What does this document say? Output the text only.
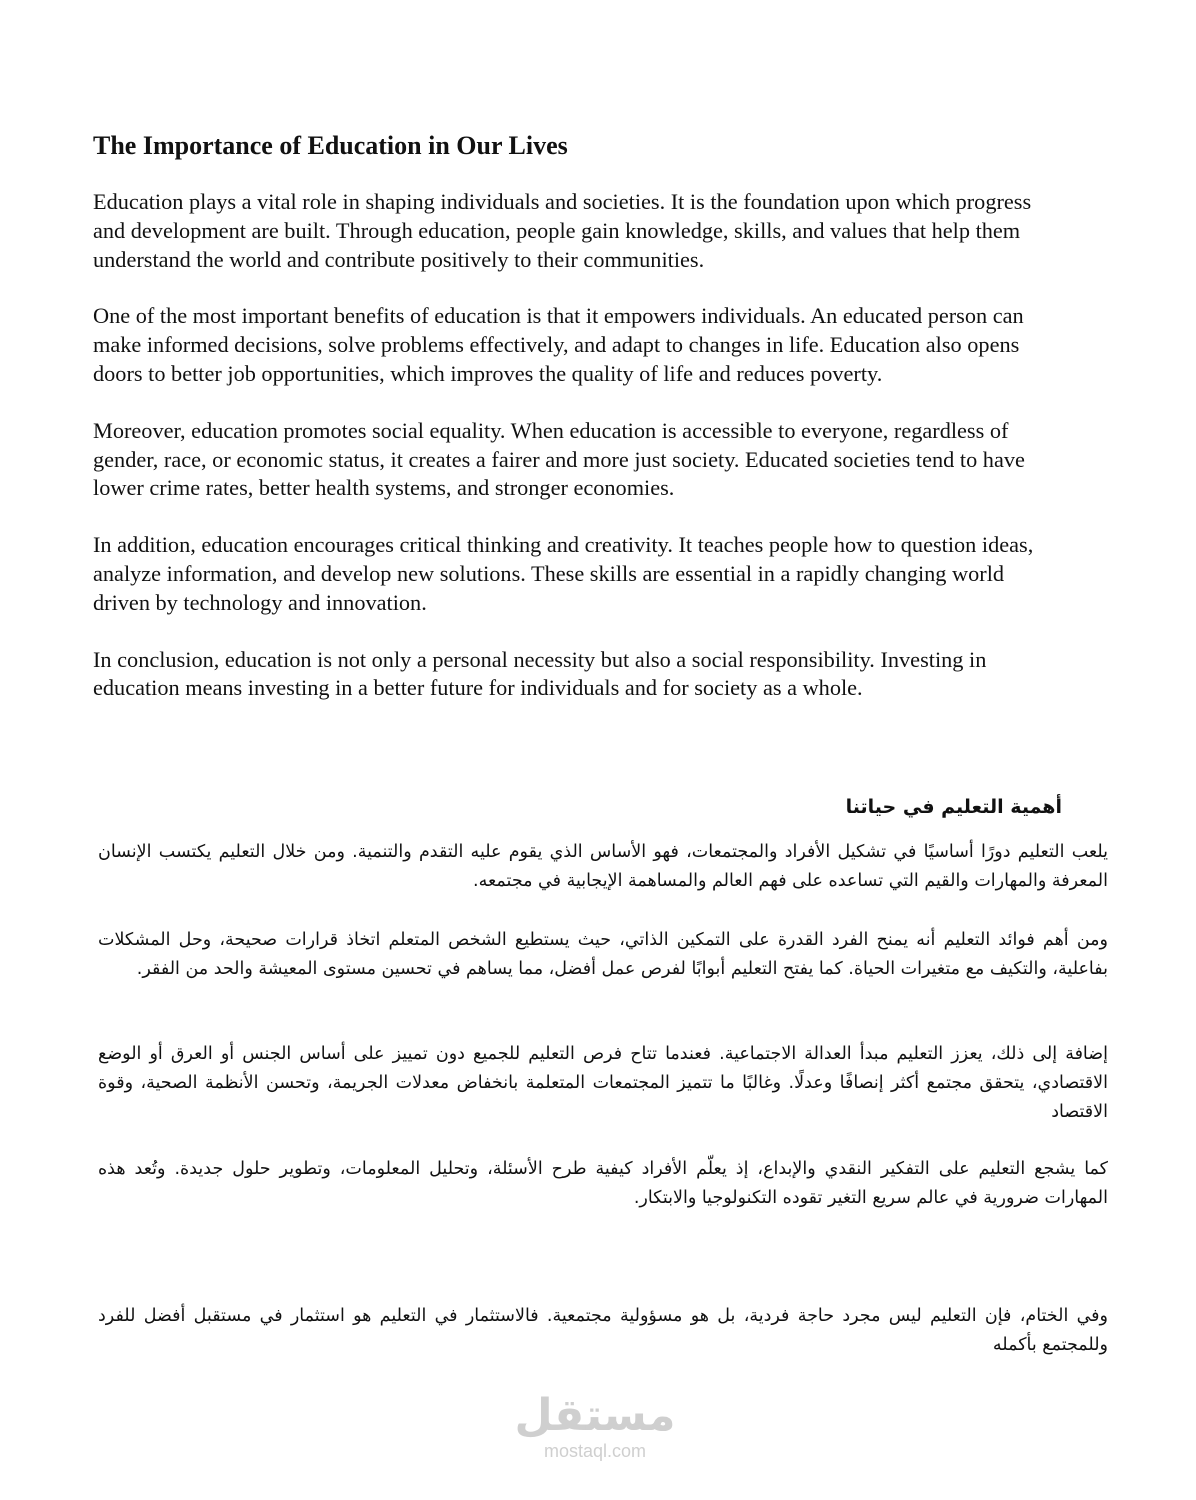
The Importance of Education in Our Lives

Education plays a vital role in shaping individuals and societies. It is the foundation upon which progress and development are built. Through education, people gain knowledge, skills, and values that help them understand the world and contribute positively to their communities.

One of the most important benefits of education is that it empowers individuals. An educated person can make informed decisions, solve problems effectively, and adapt to changes in life. Education also opens doors to better job opportunities, which improves the quality of life and reduces poverty.

Moreover, education promotes social equality. When education is accessible to everyone, regardless of gender, race, or economic status, it creates a fairer and more just society. Educated societies tend to have lower crime rates, better health systems, and stronger economies.

In addition, education encourages critical thinking and creativity. It teaches people how to question ideas, analyze information, and develop new solutions. These skills are essential in a rapidly changing world driven by technology and innovation.

In conclusion, education is not only a personal necessity but also a social responsibility. Investing in education means investing in a better future for individuals and for society as a whole.

أهمية التعليم في حياتنا

يلعب التعليم دورًا أساسيًا في تشكيل الأفراد والمجتمعات، فهو الأساس الذي يقوم عليه التقدم والتنمية. ومن خلال التعليم يكتسب الإنسان المعرفة والمهارات والقيم التي تساعده على فهم العالم والمساهمة الإيجابية في مجتمعه.

ومن أهم فوائد التعليم أنه يمنح الفرد القدرة على التمكين الذاتي، حيث يستطيع الشخص المتعلم اتخاذ قرارات صحيحة، وحل المشكلات بفاعلية، والتكيف مع متغيرات الحياة. كما يفتح التعليم أبوابًا لفرص عمل أفضل، مما يساهم في تحسين مستوى المعيشة والحد من الفقر.

إضافة إلى ذلك، يعزز التعليم مبدأ العدالة الاجتماعية. فعندما تتاح فرص التعليم للجميع دون تمييز على أساس الجنس أو العرق أو الوضع الاقتصادي، يتحقق مجتمع أكثر إنصافًا وعدلًا. وغالبًا ما تتميز المجتمعات المتعلمة بانخفاض معدلات الجريمة، وتحسن الأنظمة الصحية، وقوة الاقتصاد

كما يشجع التعليم على التفكير النقدي والإبداع، إذ يعلّم الأفراد كيفية طرح الأسئلة، وتحليل المعلومات، وتطوير حلول جديدة. وتُعد هذه المهارات ضرورية في عالم سريع التغير تقوده التكنولوجيا والابتكار.

وفي الختام، فإن التعليم ليس مجرد حاجة فردية، بل هو مسؤولية مجتمعية. فالاستثمار في التعليم هو استثمار في مستقبل أفضل للفرد وللمجتمع بأكمله

مستقل
mostaql.com
